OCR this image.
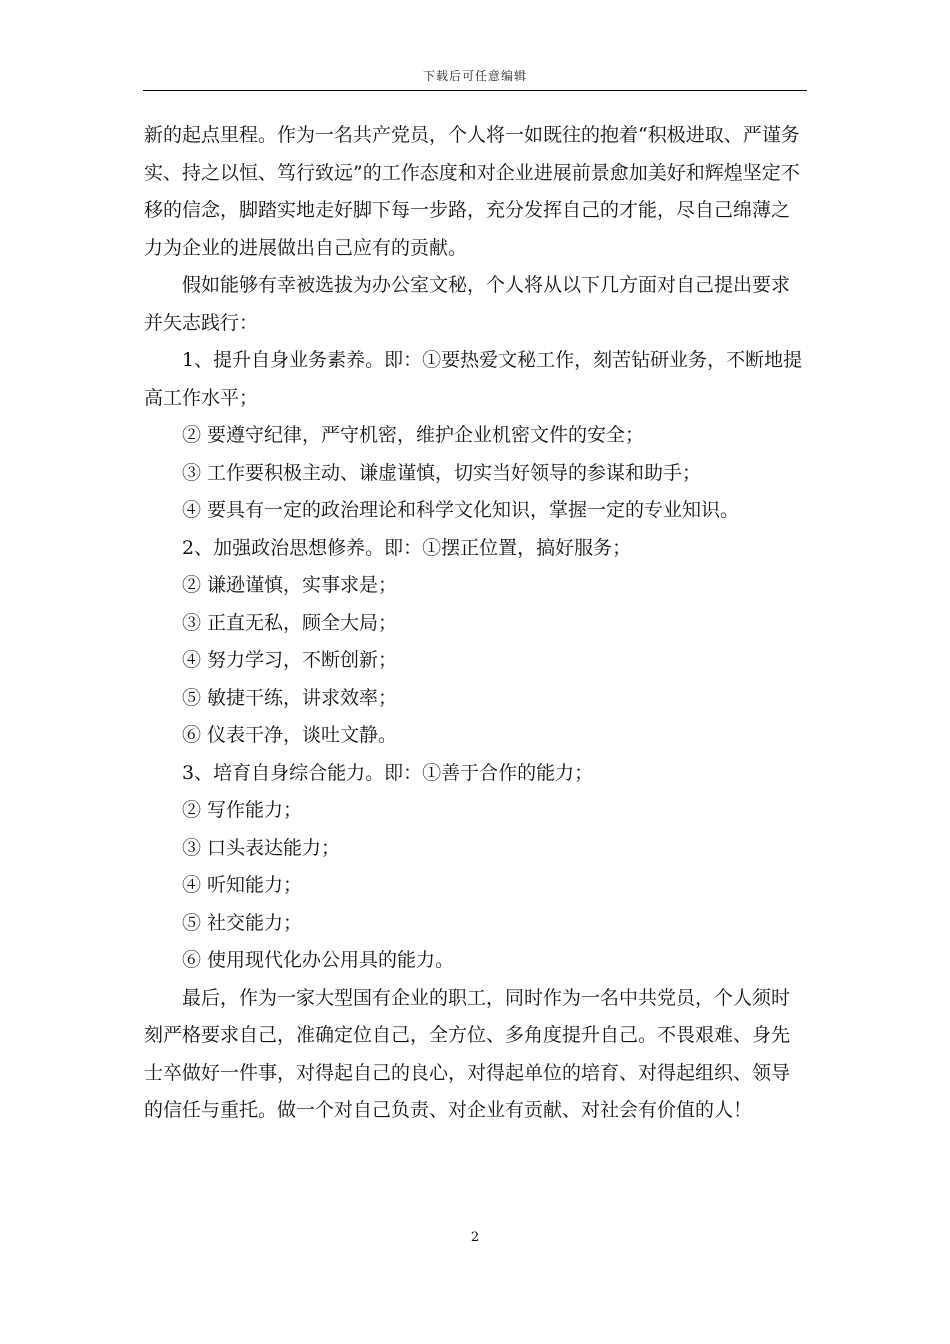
下载后可任意编辑

新的起点里程。作为一名共产党员，个人将一如既往的抱着“积极进取、严谨务实、持之以恒、笃行致远”的工作态度和对企业进展前景愈加美好和辉煌坚定不移的信念，脚踏实地走好脚下每一步路，充分发挥自己的才能，尽自己绵薄之力为企业的进展做出自己应有的贡献。

假如能够有幸被选拔为办公室文秘，个人将从以下几方面对自己提出要求并矢志践行：

1、提升自身业务素养。即：①要热爱文秘工作，刻苦钻研业务，不断地提高工作水平；

② 要遵守纪律，严守机密，维护企业机密文件的安全；

③ 工作要积极主动、谦虚谨慎，切实当好领导的参谋和助手；

④ 要具有一定的政治理论和科学文化知识，掌握一定的专业知识。

2、加强政治思想修养。即：①摆正位置，搞好服务；

② 谦逊谨慎，实事求是；

③ 正直无私，顾全大局；

④ 努力学习，不断创新；

⑤ 敏捷干练，讲求效率；

⑥ 仪表干净，谈吐文静。

3、培育自身综合能力。即：①善于合作的能力；

② 写作能力；

③ 口头表达能力；

④ 听知能力；

⑤ 社交能力；

⑥ 使用现代化办公用具的能力。

最后，作为一家大型国有企业的职工，同时作为一名中共党员，个人须时刻严格要求自己，准确定位自己，全方位、多角度提升自己。不畏艰难、身先士卒做好一件事，对得起自己的良心，对得起单位的培育、对得起组织、领导的信任与重托。做一个对自己负责、对企业有贡献、对社会有价值的人！

2
